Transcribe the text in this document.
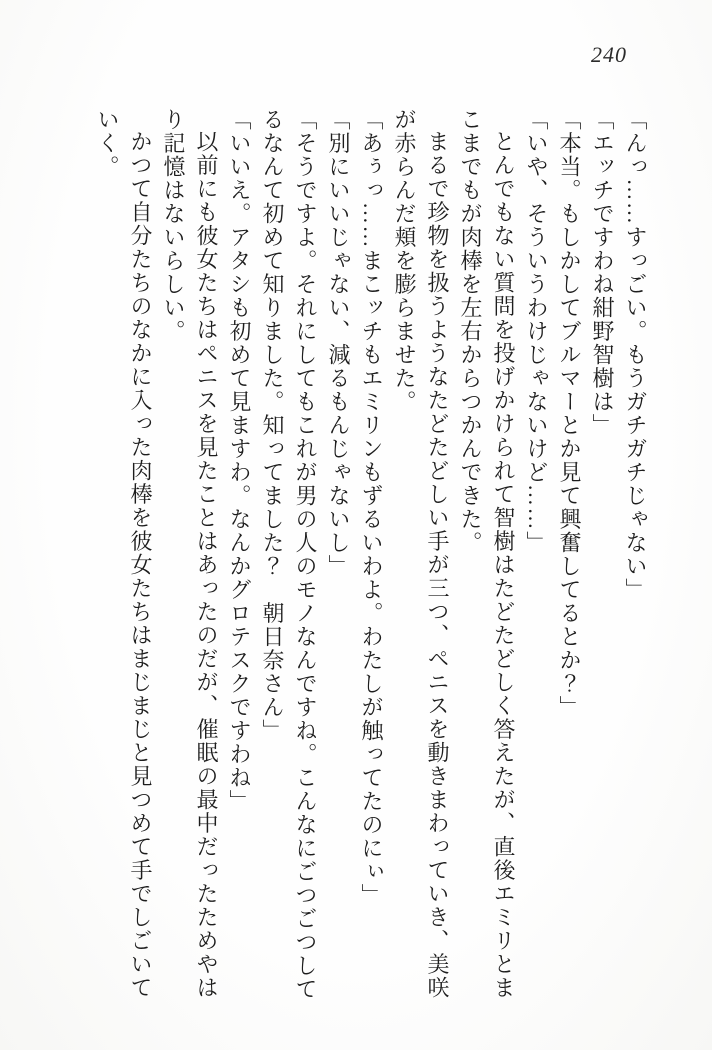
240

「んっ……すっごい。もうガチガチじゃない」

「エッチですわね紺野智樹は」

「本当。もしかしてブルマーとか見て興奮してるとか？」

「いや、そういうわけじゃないけど……」

とんでもない質問を投げかけられて智樹はたどたどしく答えたが、直後エミリとま

こまでもが肉棒を左右からつかんできた。

まるで珍物を扱うようなたどたどしい手が三つ、ペニスを動きまわっていき、美咲

が赤らんだ頬を膨らませた。

「あぅっ……まこッチもエミリンもずるいわよ。わたしが触ってたのにぃ」

「別にいいじゃない、減るもんじゃないし」

「そうですよ。それにしてもこれが男の人のモノなんですね。こんなにごつごつして

るなんて初めて知りました。知ってました？　朝日奈さん」

「いいえ。アタシも初めて見ますわ。なんかグロテスクですわね」

以前にも彼女たちはペニスを見たことはあったのだが、催眠の最中だったためやは

り記憶はないらしい。

かつて自分たちのなかに入った肉棒を彼女たちはまじまじと見つめて手でしごいて

いく。
